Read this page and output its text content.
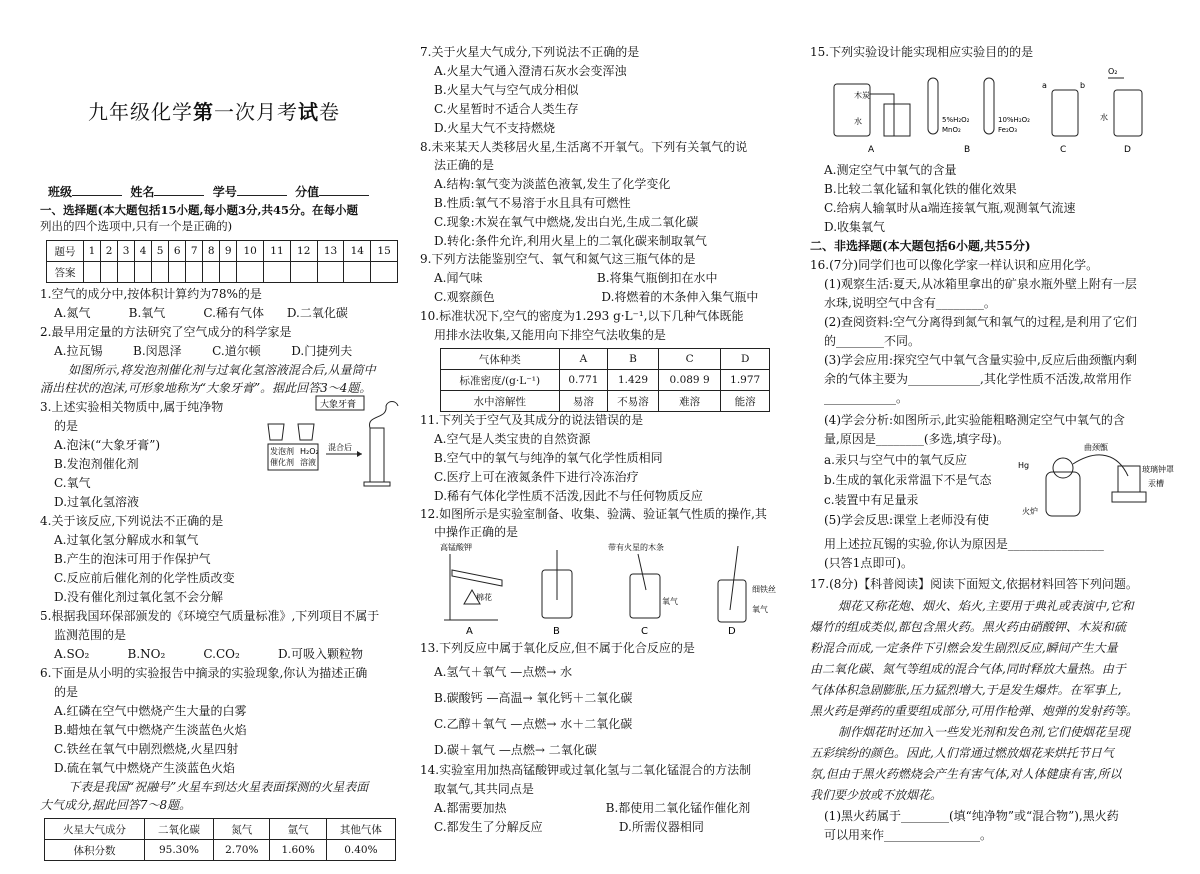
九年级化学第一次月考试卷
班级	姓名	学号	分值
一、选择题(本大题包括15小题,每小题3分,共45分。在每小题
列出的四个选项中,只有一个是正确的)
题号	1	2	3	4	5	6	7	8	9	10	11	12	13	14	15
答案															
1.空气的成分中,按体积计算约为78%的是
A.氮气          B.氧气          C.稀有气体      D.二氧化碳
2.最早用定量的方法研究了空气成分的科学家是
A.拉瓦锡        B.闵恩泽        C.道尔顿        D.门捷列夫
如图所示,将发泡剂催化剂与过氧化氢溶液混合后,从量筒中
涌出柱状的泡沫,可形象地称为“大象牙膏”。据此回答3～4题。
3.上述实验相关物质中,属于纯净物
的是
A.泡沫(“大象牙膏”)
B.发泡剂催化剂
C.氧气
D.过氧化氢溶液
4.关于该反应,下列说法不正确的是
A.过氧化氢分解成水和氧气
B.产生的泡沫可用于作保护气
C.反应前后催化剂的化学性质改变
D.没有催化剂过氧化氢不会分解
5.根据我国环保部颁发的《环境空气质量标准》,下列项目不属于
监测范围的是
A.SO₂          B.NO₂          C.CO₂          D.可吸入颗粒物
6.下面是从小明的实验报告中摘录的实验现象,你认为描述正确
的是
A.红磷在空气中燃烧产生大量的白雾
B.蜡烛在氧气中燃烧产生淡蓝色火焰
C.铁丝在氧气中剧烈燃烧,火星四射
D.硫在氧气中燃烧产生淡蓝色火焰
下表是我国“祝融号”火星车到达火星表面探测的火星表面
大气成分,据此回答7～8题。
火星大气成分	二氧化碳	氮气	氩气	其他气体
体积分数	95.30%	2.70%	1.60%	0.40%
大象牙膏
发泡剂
催化剂
H₂O₂
溶液
混合后
7.关于火星大气成分,下列说法不正确的是
A.火星大气通入澄清石灰水会变浑浊
B.火星大气与空气成分相似
C.火星暂时不适合人类生存
D.火星大气不支持燃烧
8.未来某天人类移居火星,生活离不开氧气。下列有关氧气的说
法正确的是
A.结构:氧气变为淡蓝色液氧,发生了化学变化
B.性质:氧气不易溶于水且具有可燃性
C.现象:木炭在氧气中燃烧,发出白光,生成二氧化碳
D.转化:条件允许,利用火星上的二氧化碳来制取氧气
9.下列方法能鉴别空气、氧气和氮气这三瓶气体的是
A.闻气味                              B.将集气瓶倒扣在水中
C.观察颜色                            D.将燃着的木条伸入集气瓶中
10.标准状况下,空气的密度为1.293 g·L⁻¹,以下几种气体既能
用排水法收集,又能用向下排空气法收集的是
气体种类	A	B	C	D
标准密度/(g·L⁻¹)	0.771	1.429	0.089 9	1.977
水中溶解性	易溶	不易溶	难溶	能溶
11.下列关于空气及其成分的说法错误的是
A.空气是人类宝贵的自然资源
B.空气中的氧气与纯净的氧气化学性质相同
C.医疗上可在液氮条件下进行冷冻治疗
D.稀有气体化学性质不活泼,因此不与任何物质反应
12.如图所示是实验室制备、收集、验满、验证氧气性质的操作,其
中操作正确的是
高锰酸钾
棉花
A	B
带有火星的木条
氧气
C
细铁丝
氧气
D
13.下列反应中属于氧化反应,但不属于化合反应的是
A.氢气＋氧气 —点燃→ 水
B.碳酸钙 —高温→ 氧化钙＋二氧化碳
C.乙醇＋氧气 —点燃→ 水＋二氧化碳
D.碳＋氧气 —点燃→ 二氧化碳
14.实验室用加热高锰酸钾或过氧化氢与二氧化锰混合的方法制
取氧气,其共同点是
A.都需要加热                          B.都使用二氧化锰作催化剂
C.都发生了分解反应                    D.所需仪器相同
15.下列实验设计能实现相应实验目的的是
木炭
水
A
5%H₂O₂
MnO₂
10%H₂O₂
Fe₂O₃
B
a	b
C
O₂
水
D
A.测定空气中氧气的含量
B.比较二氧化锰和氧化铁的催化效果
C.给病人输氧时从a端连接氧气瓶,观测氧气流速
D.收集氧气
二、非选择题(本大题包括6小题,共55分)
16.(7分)同学们也可以像化学家一样认识和应用化学。
(1)观察生活:夏天,从冰箱里拿出的矿泉水瓶外壁上附有一层
水珠,说明空气中含有________。
(2)查阅资料:空气分离得到氮气和氧气的过程,是利用了它们
的________不同。
(3)学会应用:探究空气中氧气含量实验中,反应后曲颈甑内剩
余的气体主要为____________,其化学性质不活泼,故常用作
____________。
(4)学会分析:如图所示,此实验能粗略测定空气中氧气的含
量,原因是________(多选,填字母)。
a.汞只与空气中的氧气反应
b.生成的氧化汞常温下不是气态
c.装置中有足量汞
(5)学会反思:课堂上老师没有使
用上述拉瓦锡的实验,你认为原因是________________
(只答1点即可)。
17.(8分)【科普阅读】阅读下面短文,依据材料回答下列问题。
烟花又称花炮、烟火、焰火,主要用于典礼或表演中,它和
爆竹的组成类似,都包含黑火药。黑火药由硝酸钾、木炭和硫
粉混合而成,一定条件下引燃会发生剧烈反应,瞬间产生大量
由二氧化碳、氮气等组成的混合气体,同时释放大量热。由于
气体体积急剧膨胀,压力猛烈增大,于是发生爆炸。在军事上,
黑火药是弹药的重要组成部分,可用作枪弹、炮弹的发射药等。
制作烟花时还加入一些发光剂和发色剂,它们使烟花呈现
五彩缤纷的颜色。因此,人们常通过燃放烟花来烘托节日气
氛,但由于黑火药燃烧会产生有害气体,对人体健康有害,所以
我们要少放或不放烟花。
(1)黑火药属于________(填“纯净物”或“混合物”),黑火药
可以用来作________________。
Hg
曲颈甑
玻璃钟罩
汞槽
火炉
